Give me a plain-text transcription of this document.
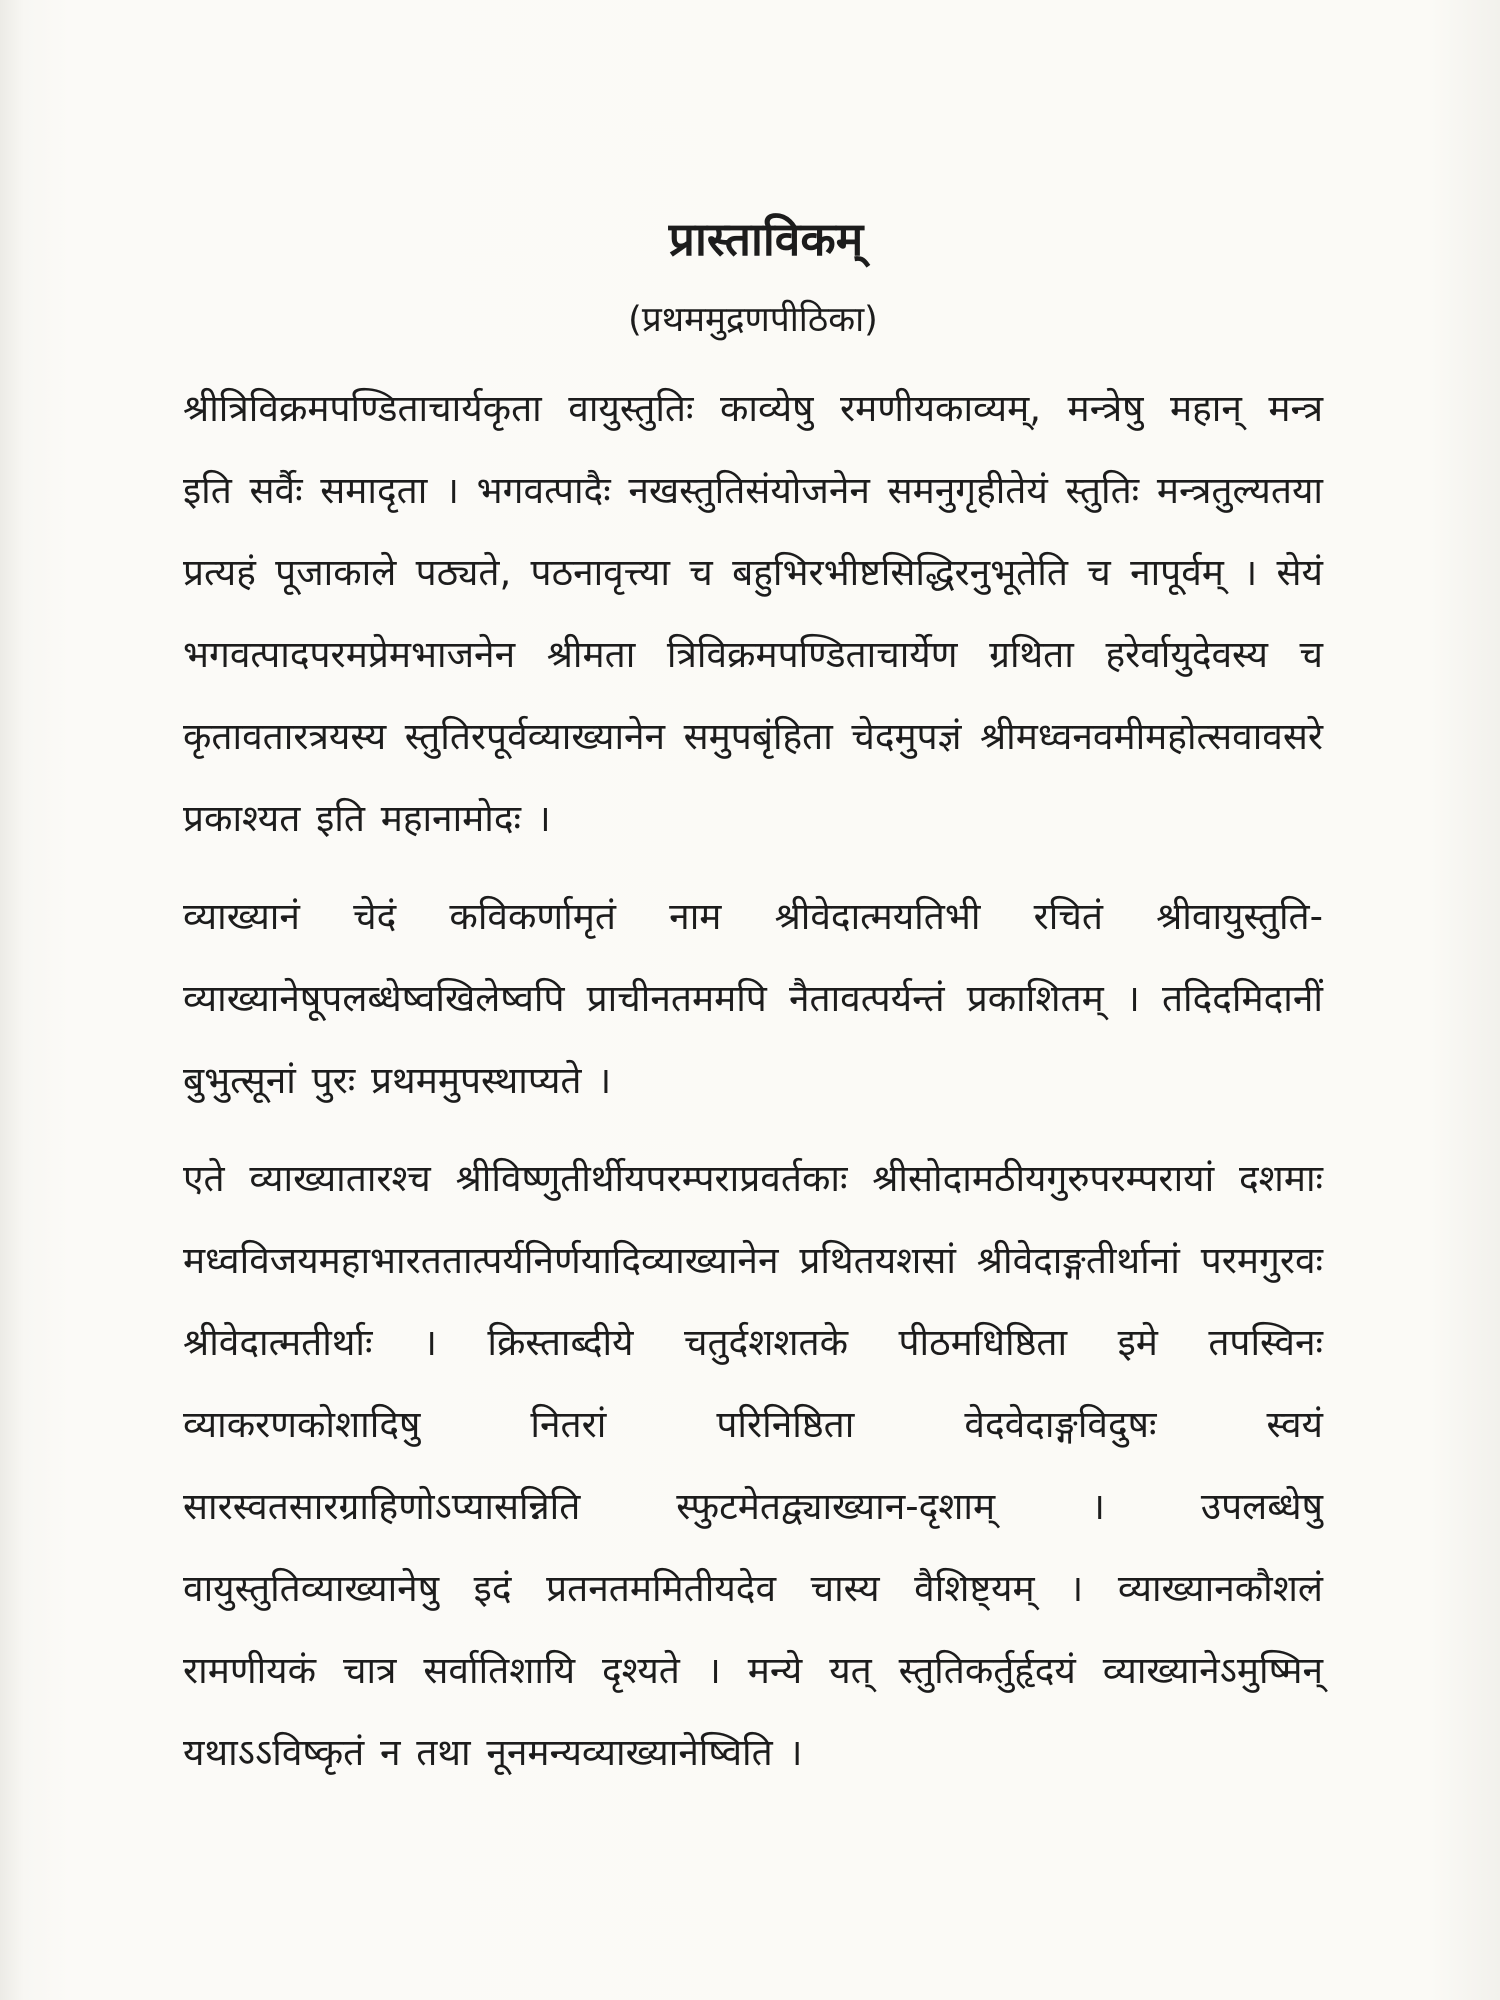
प्रास्ताविकम्
(प्रथममुद्रणपीठिका)

श्रीत्रिविक्रमपण्डिताचार्यकृता वायुस्तुतिः काव्येषु रमणीयकाव्यम्, मन्त्रेषु महान् मन्त्र इति सर्वैः समादृता । भगवत्पादैः नखस्तुतिसंयोजनेन समनुगृहीतेयं स्तुतिः मन्त्रतुल्यतया प्रत्यहं पूजाकाले पठ्यते, पठनावृत्त्या च बहुभिरभीष्टसिद्धिरनुभूतेति च नापूर्वम् । सेयं भगवत्पादपरमप्रेमभाजनेन श्रीमता त्रिविक्रमपण्डिताचार्येण ग्रथिता हरेर्वायुदेवस्य च कृतावतारत्रयस्य स्तुतिरपूर्वव्याख्यानेन समुपबृंहिता चेदमुपज्ञं श्रीमध्वनवमीमहोत्सवावसरे प्रकाश्यत इति महानामोदः ।

व्याख्यानं चेदं कविकर्णामृतं नाम श्रीवेदात्मयतिभी रचितं श्रीवायुस्तुति-व्याख्यानेषूपलब्धेष्वखिलेष्वपि प्राचीनतममपि नैतावत्पर्यन्तं प्रकाशितम् । तदिदमिदानीं बुभुत्सूनां पुरः प्रथममुपस्थाप्यते ।

एते व्याख्यातारश्च श्रीविष्णुतीर्थीयपरम्पराप्रवर्तकाः श्रीसोदामठीयगुरुपरम्परायां दशमाः मध्वविजयमहाभारततात्पर्यनिर्णयादिव्याख्यानेन प्रथितयशसां श्रीवेदाङ्गतीर्थानां परमगुरवः श्रीवेदात्मतीर्थाः । क्रिस्ताब्दीये चतुर्दशशतके पीठमधिष्ठिता इमे तपस्विनः व्याकरणकोशादिषु नितरां परिनिष्ठिता वेदवेदाङ्गविदुषः स्वयं सारस्वतसारग्राहिणोऽप्यासन्निति स्फुटमेतद्व्याख्यान-दृशाम् । उपलब्धेषु वायुस्तुतिव्याख्यानेषु इदं प्रतनतममितीयदेव चास्य वैशिष्ट्यम् । व्याख्यानकौशलं रामणीयकं चात्र सर्वातिशायि दृश्यते । मन्ये यत् स्तुतिकर्तुर्हृदयं व्याख्यानेऽमुष्मिन् यथाऽऽविष्कृतं न तथा नूनमन्यव्याख्यानेष्विति ।
